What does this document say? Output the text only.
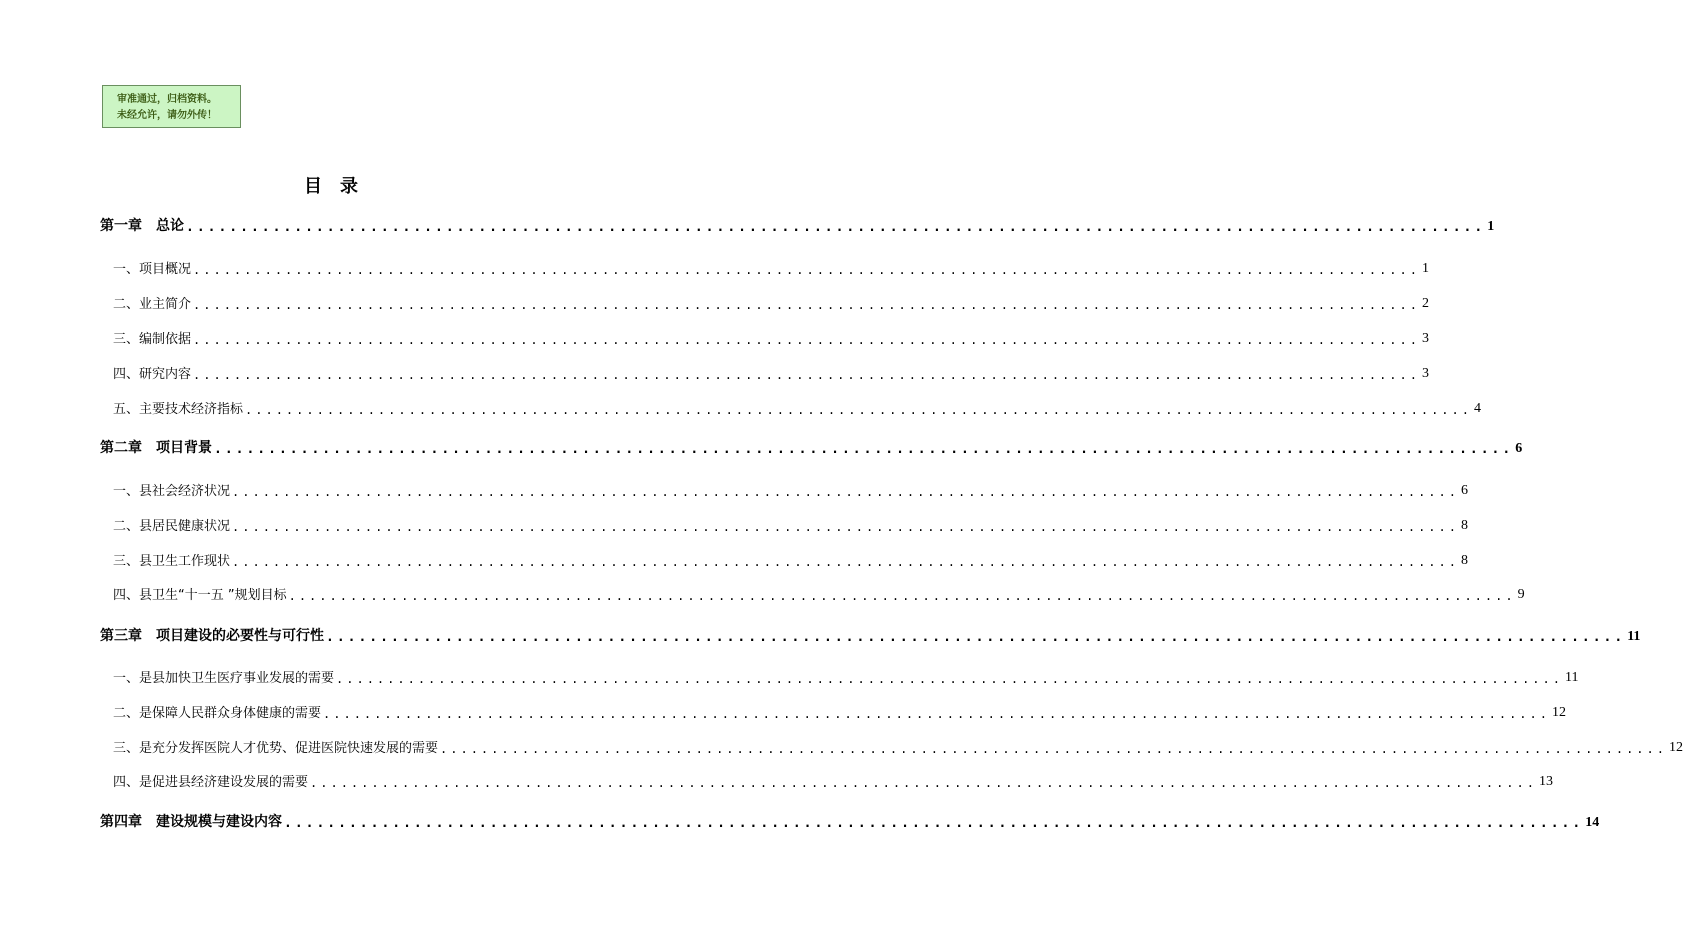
审准通过，归档资料。
未经允许，请勿外传！
目　录
第一章　总论 ........................................................................................................................ 1
一、项目概况 ........................................................................................................................ 1
二、业主简介 ........................................................................................................................ 2
三、编制依据 ........................................................................................................................ 3
四、研究内容 ........................................................................................................................ 3
五、主要技术经济指标 ........................................................................................................................ 4
第二章　项目背景 ........................................................................................................................ 6
一、县社会经济状况 ........................................................................................................................ 6
二、县居民健康状况 ........................................................................................................................ 8
三、县卫生工作现状 ........................................................................................................................ 8
四、县卫生“十一五 ”规划目标 ........................................................................................................................ 9
第三章　项目建设的必要性与可行性 ........................................................................................................................ 11
一、是县加快卫生医疗事业发展的需要 ........................................................................................................................ 11
二、是保障人民群众身体健康的需要 ........................................................................................................................ 12
三、是充分发挥医院人才优势、促进医院快速发展的需要 ........................................................................................................................ 12
四、是促进县经济建设发展的需要 ........................................................................................................................ 13
第四章　建设规模与建设内容 ........................................................................................................................ 14
